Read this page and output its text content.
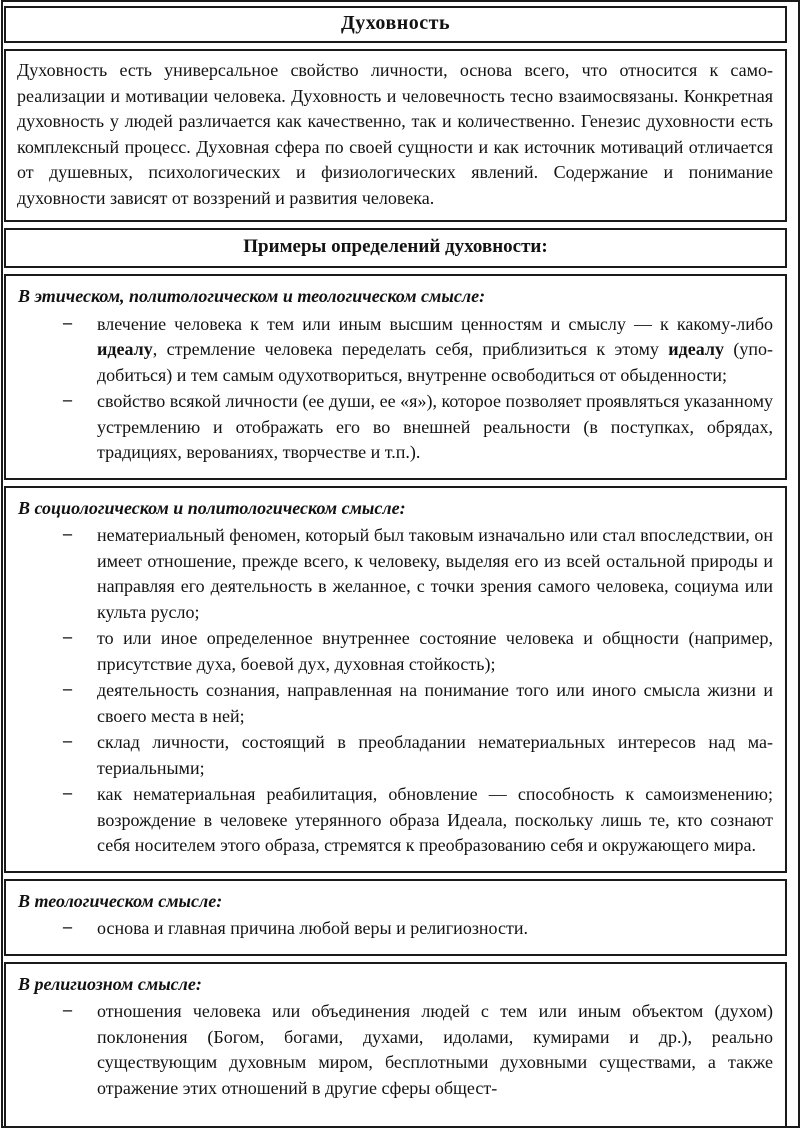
Духовность

Духовность есть универсальное свойство личности, основа всего, что относится к самореализации и мотивации человека. Духовность и человечность тесно взаимосвязаны. Конкретная духовность у людей различается как качественно, так и количественно. Генезис духовности есть комплексный процесс. Духовная сфера по своей сущности и как источник мотиваций отличается от душевных, психологических и физиологических явлений. Содержание и понимание духовности зависят от воззрений и развития человека.

Примеры определений духовности:
В этическом, политологическом и теологическом смысле:
– влечение человека к тем или иным высшим ценностям и смыслу — к какому-либо идеалу, стремление человека переделать себя, приблизиться к этому идеалу (уподобиться) и тем самым одухотвориться, внутренне освободиться от обыденности;
– свойство всякой личности (ее души, ее «я»), которое позволяет проявляться указанному устремлению и отображать его во внешней реальности (в поступках, обрядах, традициях, верованиях, творчестве и т.п.).
В социологическом и политологическом смысле:
– нематериальный феномен, который был таковым изначально или стал впоследствии, он имеет отношение, прежде всего, к человеку, выделяя его из всей остальной природы и направляя его деятельность в желанное, с точки зрения самого человека, социума или культа русло;
– то или иное определенное внутреннее состояние человека и общности (например, присутствие духа, боевой дух, духовная стойкость);
– деятельность сознания, направленная на понимание того или иного смысла жизни и своего места в ней;
– склад личности, состоящий в преобладании нематериальных интересов над материальными;
– как нематериальная реабилитация, обновление — способность к самоизменению; возрождение в человеке утерянного образа Идеала, поскольку лишь те, кто сознают себя носителем этого образа, стремятся к преобразованию себя и окружающего мира.
В теологическом смысле:
– основа и главная причина любой веры и религиозности.
В религиозном смысле:
– отношения человека или объединения людей с тем или иным объектом (духом) поклонения (Богом, богами, духами, идолами, кумирами и др.), реально существующим духовным миром, бесплотными духовными существами, а также отражение этих отношений в другие сферы общест-
